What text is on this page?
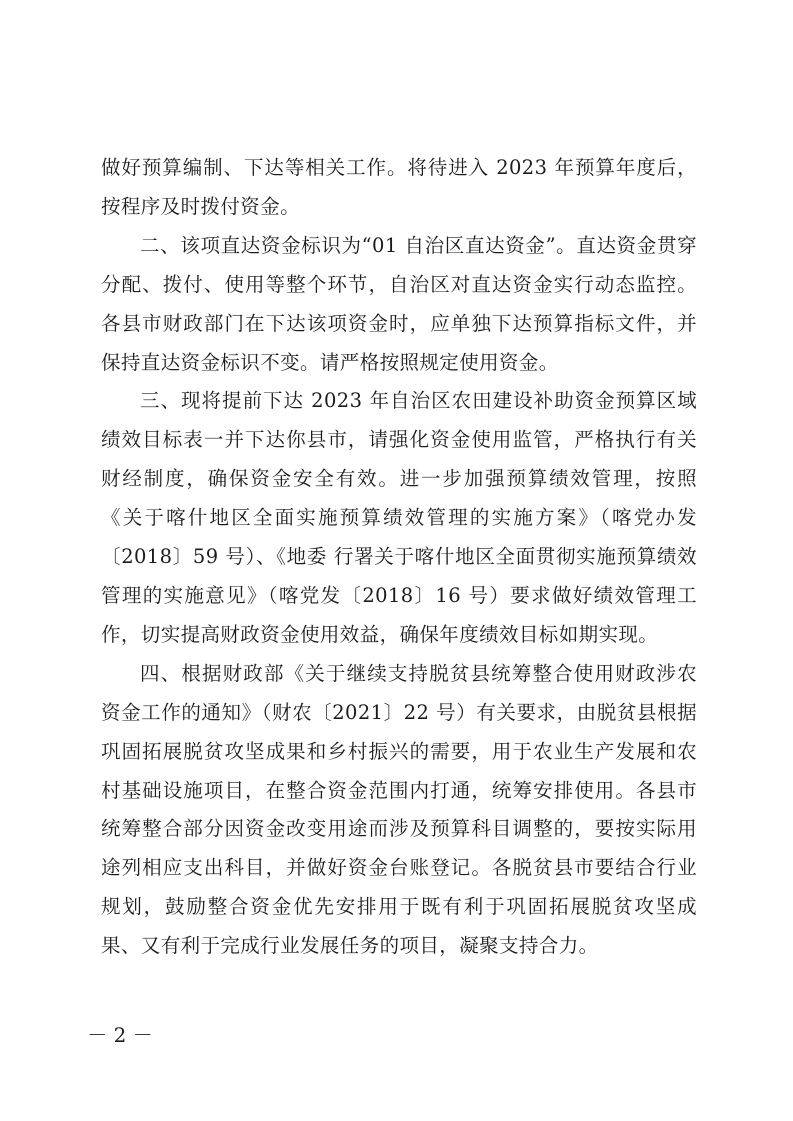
做好预算编制、下达等相关工作。将待进入 2023 年预算年度后，按程序及时拨付资金。

二、该项直达资金标识为“01 自治区直达资金”。直达资金贯穿分配、拨付、使用等整个环节，自治区对直达资金实行动态监控。各县市财政部门在下达该项资金时，应单独下达预算指标文件，并保持直达资金标识不变。请严格按照规定使用资金。

三、现将提前下达 2023 年自治区农田建设补助资金预算区域绩效目标表一并下达你县市，请强化资金使用监管，严格执行有关财经制度，确保资金安全有效。进一步加强预算绩效管理，按照《关于喀什地区全面实施预算绩效管理的实施方案》（喀党办发〔2018〕59 号）、《地委 行署关于喀什地区全面贯彻实施预算绩效管理的实施意见》（喀党发〔2018〕16 号）要求做好绩效管理工作，切实提高财政资金使用效益，确保年度绩效目标如期实现。

四、根据财政部《关于继续支持脱贫县统筹整合使用财政涉农资金工作的通知》（财农〔2021〕22 号）有关要求，由脱贫县根据巩固拓展脱贫攻坚成果和乡村振兴的需要，用于农业生产发展和农村基础设施项目，在整合资金范围内打通，统筹安排使用。各县市统筹整合部分因资金改变用途而涉及预算科目调整的，要按实际用途列相应支出科目，并做好资金台账登记。各脱贫县市要结合行业规划，鼓励整合资金优先安排用于既有利于巩固拓展脱贫攻坚成果、又有利于完成行业发展任务的项目，凝聚支持合力。

－ 2 －
